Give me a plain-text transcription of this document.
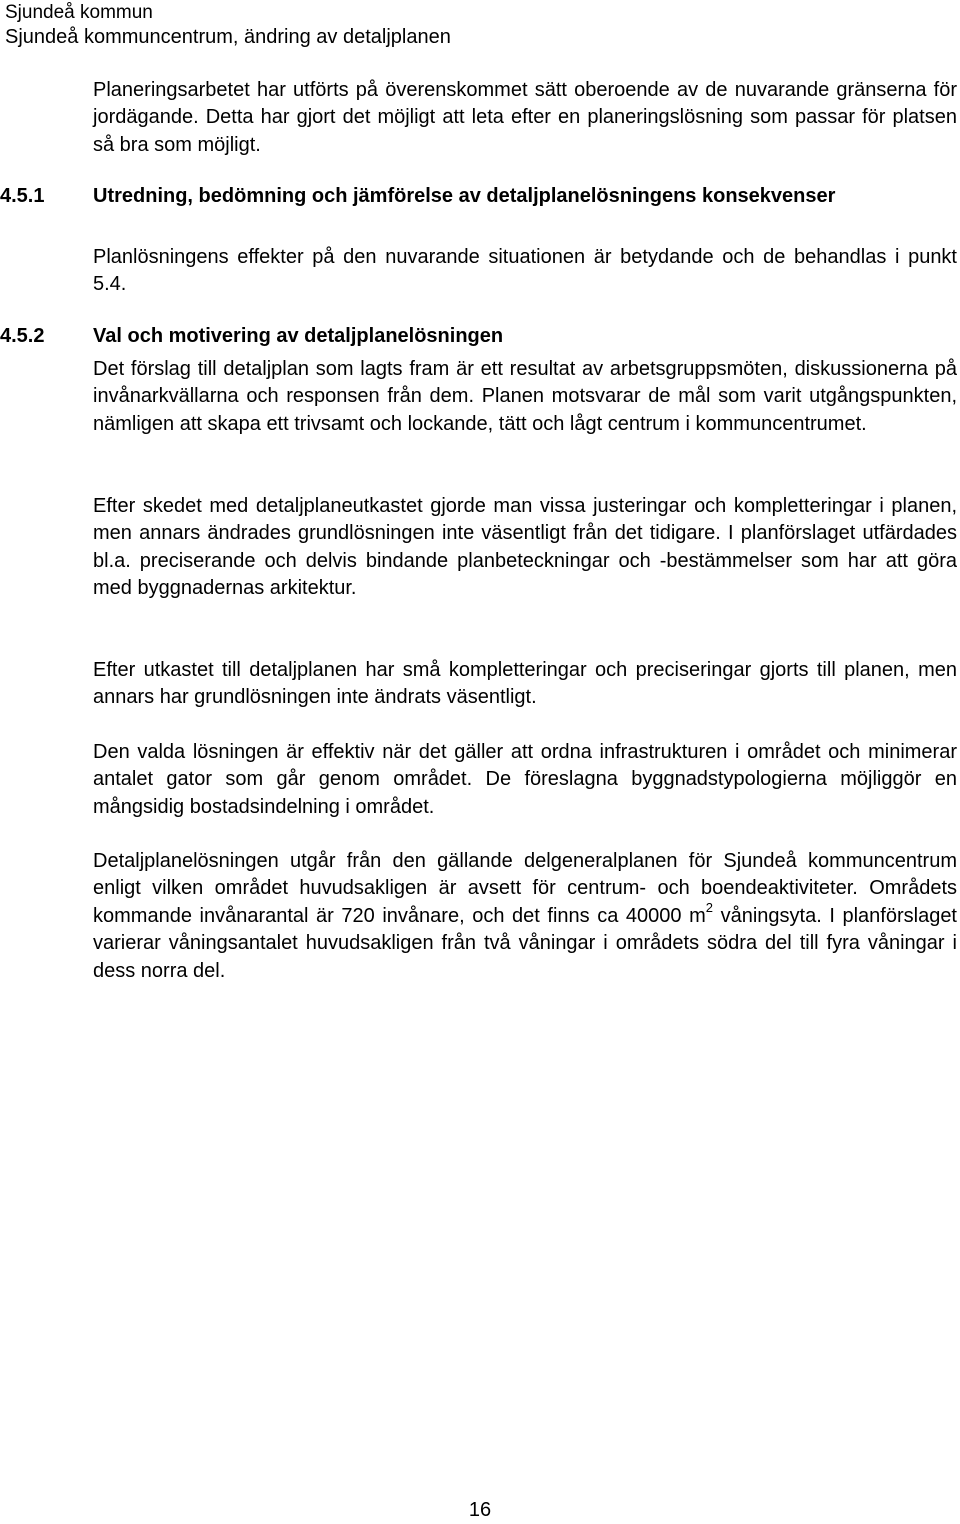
Sjundeå kommun
Sjundeå kommuncentrum, ändring av detaljplanen

Planeringsarbetet har utförts på överenskommet sätt oberoende av de nuvarande gränserna för jordägande. Detta har gjort det möjligt att leta efter en planeringslösning som passar för platsen så bra som möjligt.

4.5.1 Utredning, bedömning och jämförelse av detaljplanelösningens konsekvenser

Planlösningens effekter på den nuvarande situationen är betydande och de behandlas i punkt 5.4.

4.5.2 Val och motivering av detaljplanelösningen

Det förslag till detaljplan som lagts fram är ett resultat av arbetsgruppsmöten, diskussionerna på invånarkvällarna och responsen från dem. Planen motsvarar de mål som varit utgångspunkten, nämligen att skapa ett trivsamt och lockande, tätt och lågt centrum i kommuncentrumet.

Efter skedet med detaljplaneutkastet gjorde man vissa justeringar och kompletteringar i planen, men annars ändrades grundlösningen inte väsentligt från det tidigare. I planförslaget utfärdades bl.a. preciserande och delvis bindande planbeteckningar och -bestämmelser som har att göra med byggnadernas arkitektur.

Efter utkastet till detaljplanen har små kompletteringar och preciseringar gjorts till planen, men annars har grundlösningen inte ändrats väsentligt.

Den valda lösningen är effektiv när det gäller att ordna infrastrukturen i området och minimerar antalet gator som går genom området. De föreslagna byggnadstypologierna möjliggör en mångsidig bostadsindelning i området.

Detaljplanelösningen utgår från den gällande delgeneralplanen för Sjundeå kommuncentrum enligt vilken området huvudsakligen är avsett för centrum- och boendeaktiviteter. Områdets kommande invånarantal är 720 invånare, och det finns ca 40000 $m^2$ våningsyta. I planförslaget varierar våningsantalet huvudsakligen från två våningar i områdets södra del till fyra våningar i dess norra del.

16
